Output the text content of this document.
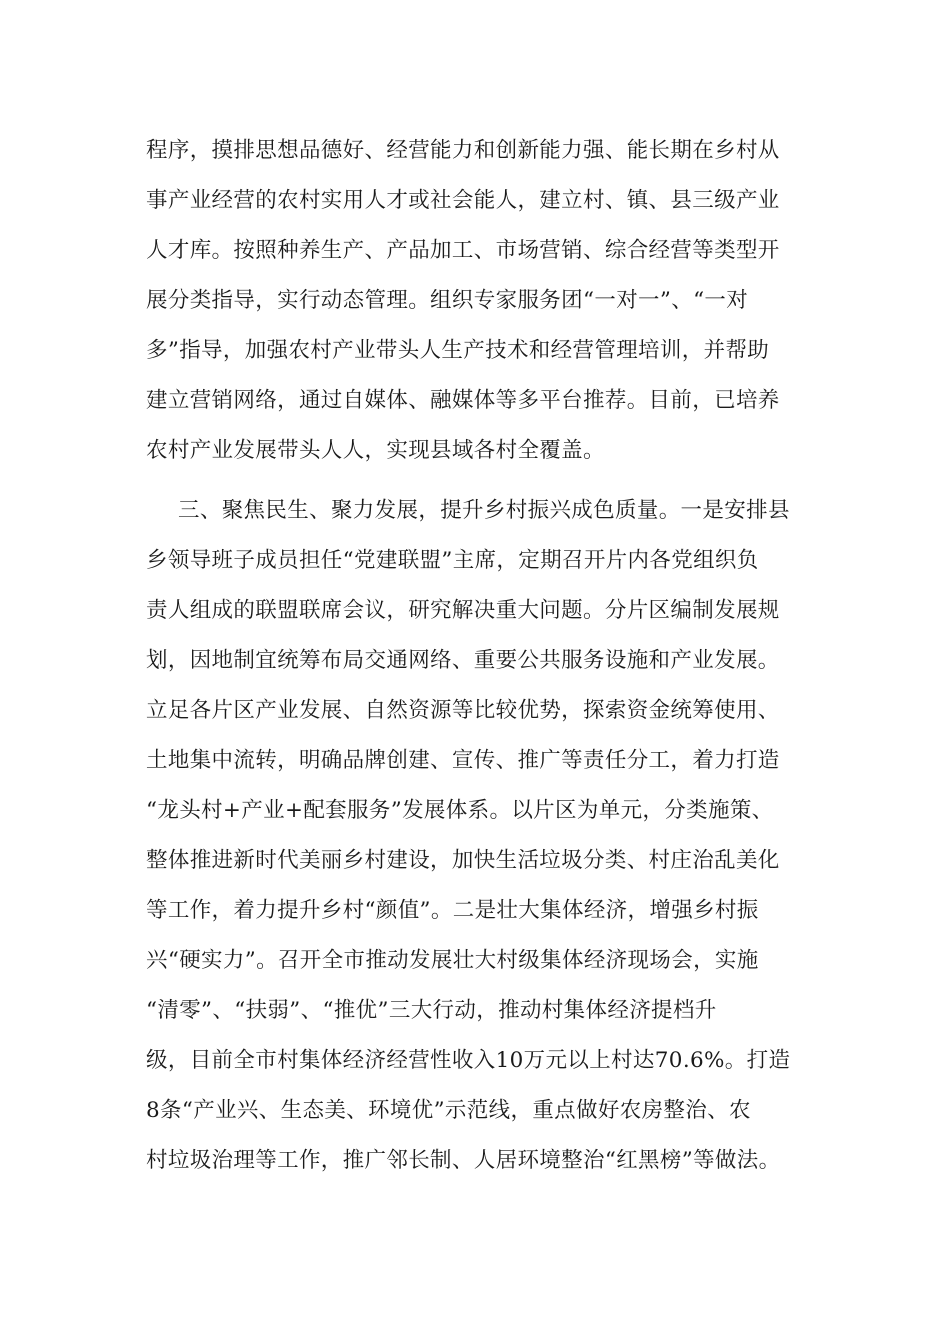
程序，摸排思想品德好、经营能力和创新能力强、能长期在乡村从
事产业经营的农村实用人才或社会能人，建立村、镇、县三级产业
人才库。按照种养生产、产品加工、市场营销、综合经营等类型开
展分类指导，实行动态管理。组织专家服务团“一对一”、“一对
多”指导，加强农村产业带头人生产技术和经营管理培训，并帮助
建立营销网络，通过自媒体、融媒体等多平台推荐。目前，已培养
农村产业发展带头人人，实现县域各村全覆盖。
三、聚焦民生、聚力发展，提升乡村振兴成色质量。一是安排县
乡领导班子成员担任“党建联盟”主席，定期召开片内各党组织负
责人组成的联盟联席会议，研究解决重大问题。分片区编制发展规
划，因地制宜统筹布局交通网络、重要公共服务设施和产业发展。
立足各片区产业发展、自然资源等比较优势，探索资金统筹使用、
土地集中流转，明确品牌创建、宣传、推广等责任分工，着力打造
“龙头村+产业+配套服务”发展体系。以片区为单元，分类施策、
整体推进新时代美丽乡村建设，加快生活垃圾分类、村庄治乱美化
等工作，着力提升乡村“颜值”。二是壮大集体经济，增强乡村振
兴“硬实力”。召开全市推动发展壮大村级集体经济现场会，实施
“清零”、“扶弱”、“推优”三大行动，推动村集体经济提档升
级，目前全市村集体经济经营性收入10万元以上村达70.6%。打造
8条“产业兴、生态美、环境优”示范线，重点做好农房整治、农
村垃圾治理等工作，推广邻长制、人居环境整治“红黑榜”等做法。
